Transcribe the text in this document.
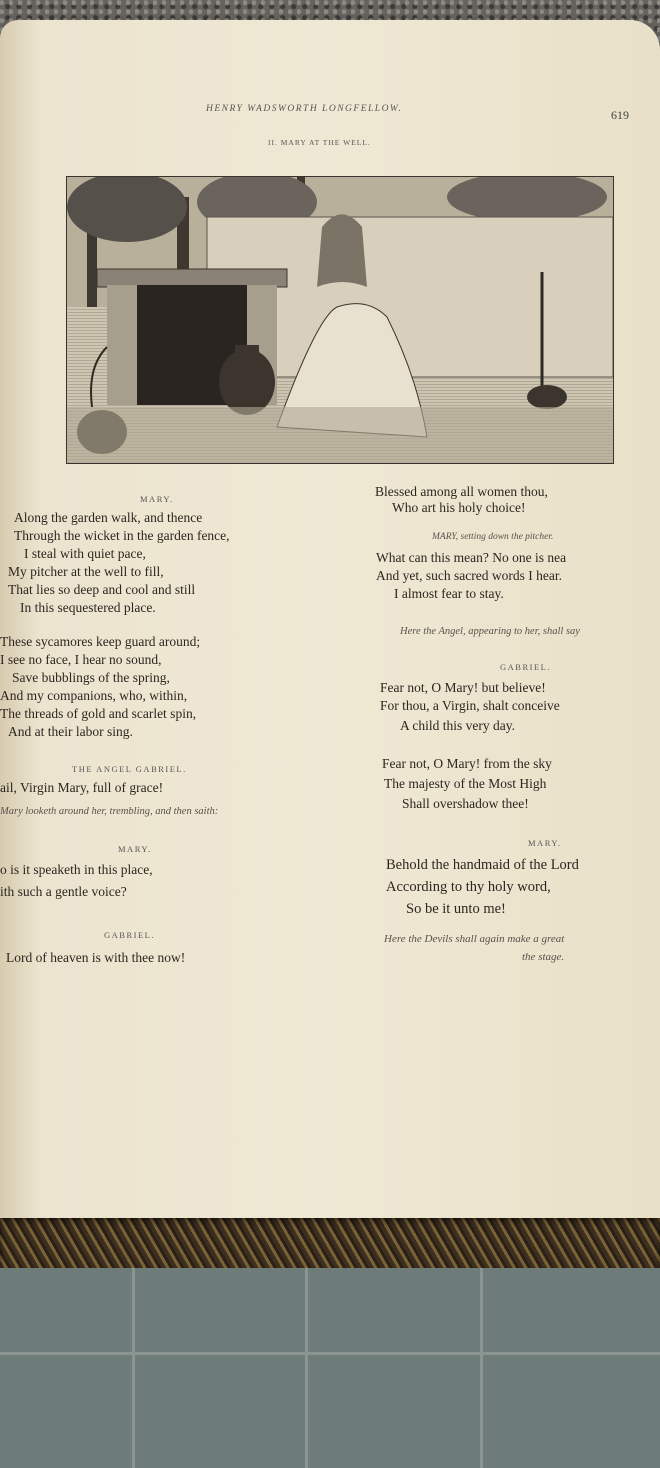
HENRY WADSWORTH LONGFELLOW.	619
II. MARY AT THE WELL.
MARY.
Along the garden walk, and thence
Through the wicket in the garden fence,
I steal with quiet pace,
My pitcher at the well to fill,
That lies so deep and cool and still
In this sequestered place.
These sycamores keep guard around;
I see no face, I hear no sound,
Save bubblings of the spring,
And my companions, who, within,
The threads of gold and scarlet spin,
And at their labor sing.
THE ANGEL GABRIEL.
ail, Virgin Mary, full of grace!
Mary looketh around her, trembling, and then saith:
MARY.
o is it speaketh in this place,
ith such a gentle voice?
GABRIEL.
Lord of heaven is with thee now!
Blessed among all women thou,
Who art his holy choice!
MARY, setting down the pitcher.
What can this mean? No one is nea
And yet, such sacred words I hear.
I almost fear to stay.
Here the Angel, appearing to her, shall say
GABRIEL.
Fear not, O Mary! but believe!
For thou, a Virgin, shalt conceive
A child this very day.
Fear not, O Mary! from the sky
The majesty of the Most High
Shall overshadow thee!
MARY.
Behold the handmaid of the Lord
According to thy holy word,
So be it unto me!
Here the Devils shall again make a great
the stage.
